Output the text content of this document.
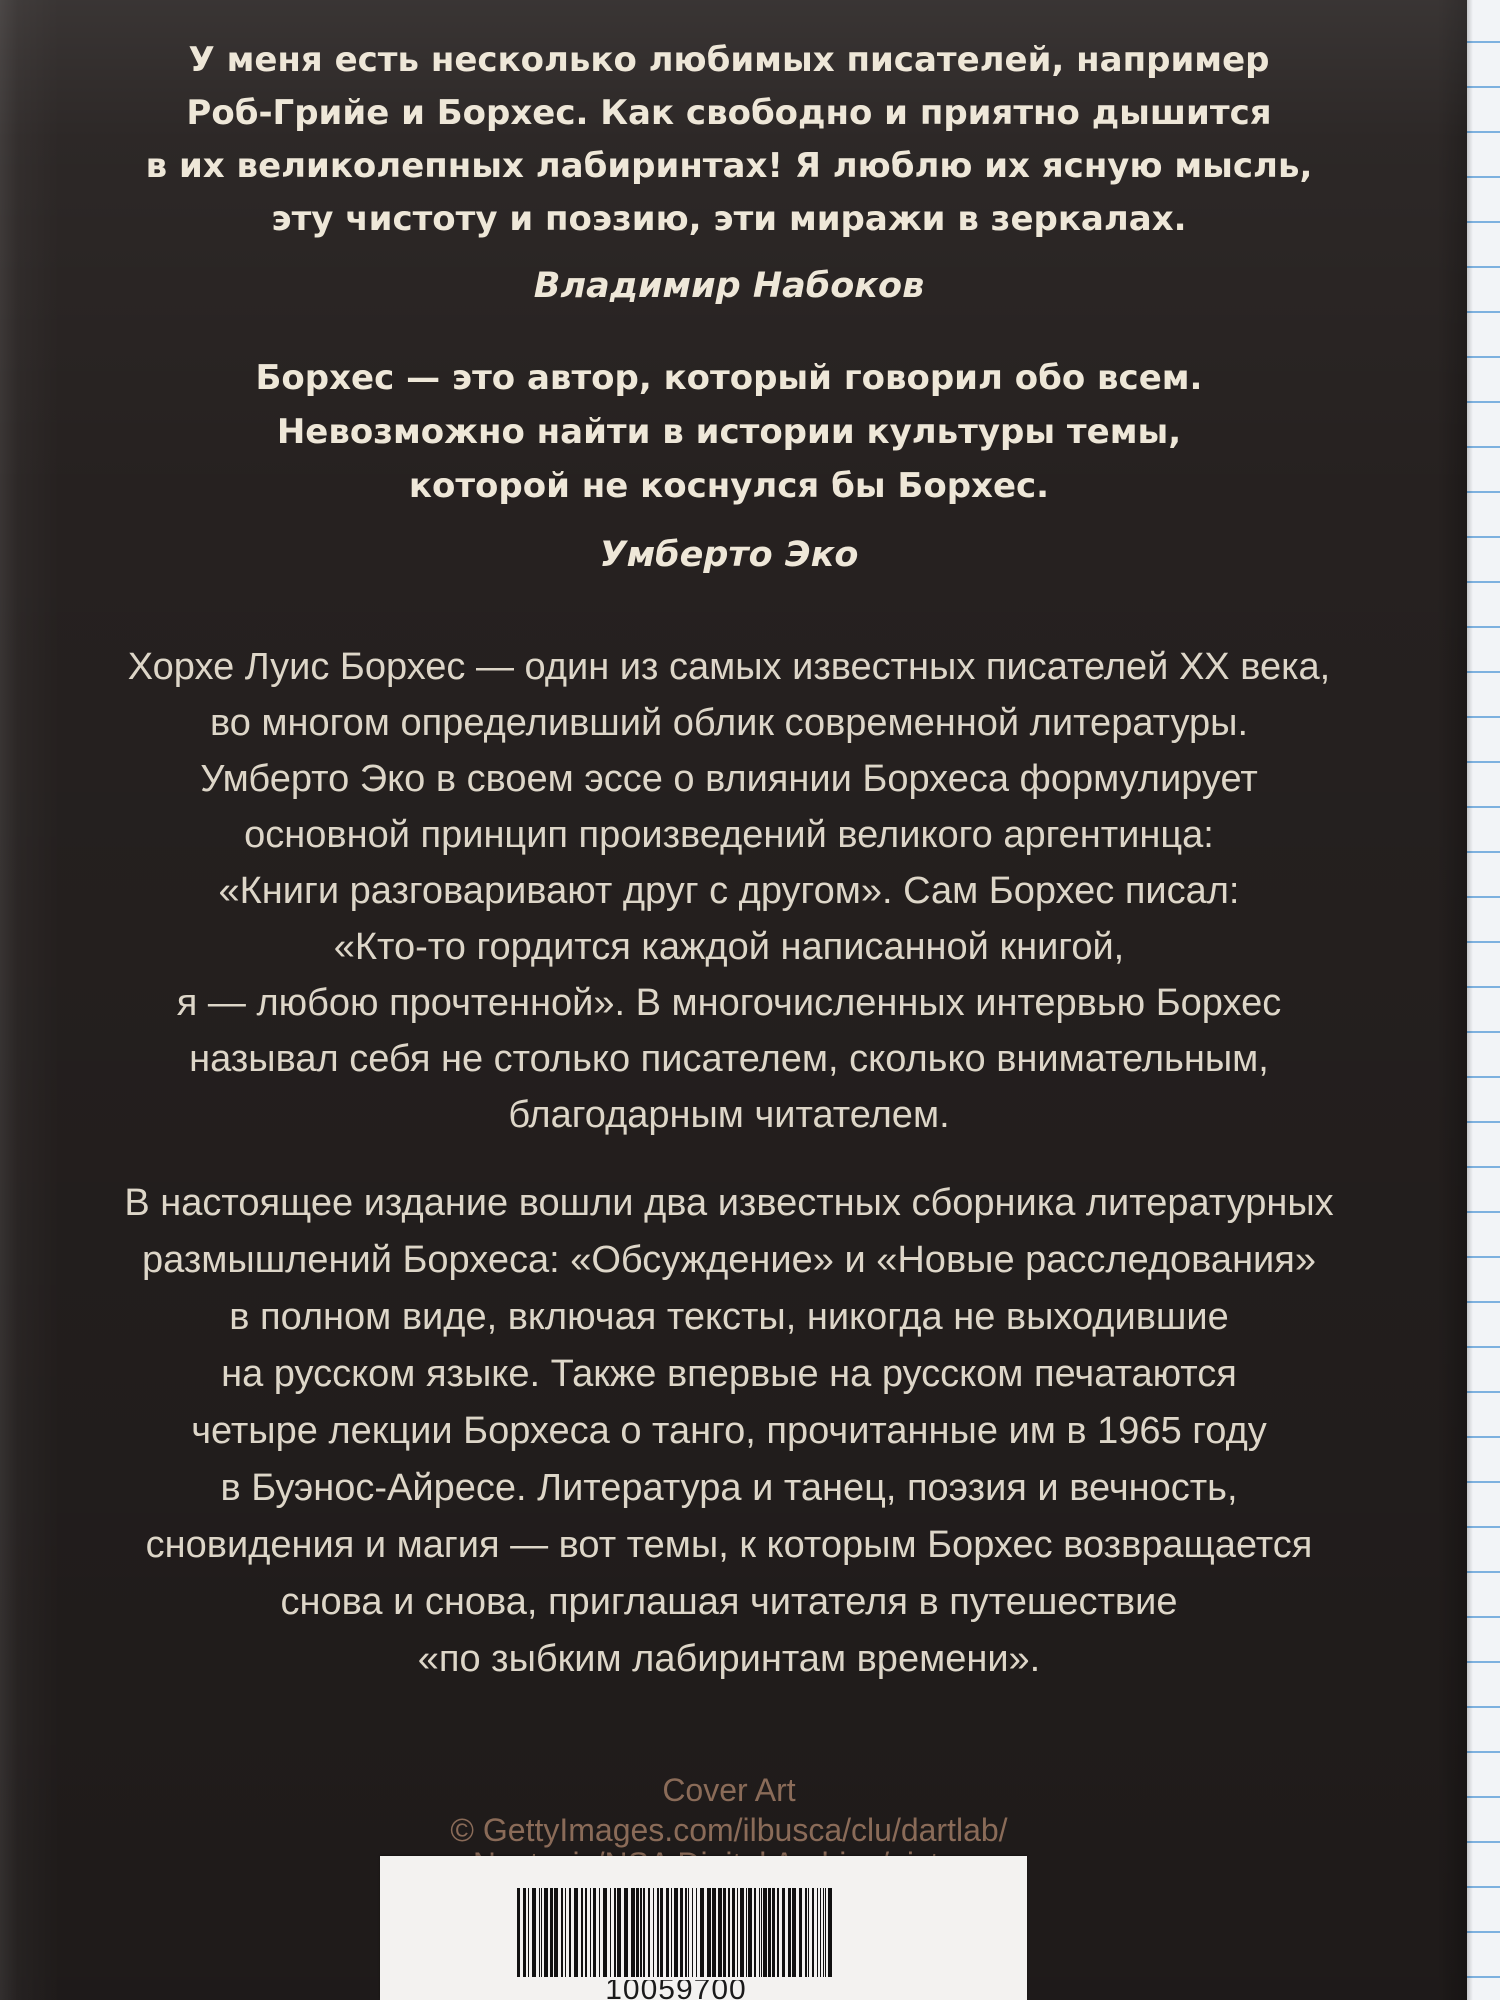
У меня есть несколько любимых писателей, например
Роб-Грийе и Борхес. Как свободно и приятно дышится
в их великолепных лабиринтах! Я люблю их ясную мысль,
эту чистоту и поэзию, эти миражи в зеркалах.
Владимир Набоков
Борхес — это автор, который говорил обо всем.
Невозможно найти в истории культуры темы,
которой не коснулся бы Борхес.
Умберто Эко
Хорхе Луис Борхес — один из самых известных писателей XX века,
во многом определивший облик современной литературы.
Умберто Эко в своем эссе о влиянии Борхеса формулирует
основной принцип произведений великого аргентинца:
«Книги разговаривают друг с другом». Сам Борхес писал:
«Кто-то гордится каждой написанной книгой,
я — любою прочтенной». В многочисленных интервью Борхес
называл себя не столько писателем, сколько внимательным,
благодарным читателем.
В настоящее издание вошли два известных сборника литературных
размышлений Борхеса: «Обсуждение» и «Новые расследования»
в полном виде, включая тексты, никогда не выходившие
на русском языке. Также впервые на русском печатаются
четыре лекции Борхеса о танго, прочитанные им в 1965 году
в Буэнос-Айресе. Литература и танец, поэзия и вечность,
сновидения и магия — вот темы, к которым Борхес возвращается
снова и снова, приглашая читателя в путешествие
«по зыбким лабиринтам времени».
Cover Art
© GettyImages.com/ilbusca/clu/dartlab/
10059700
